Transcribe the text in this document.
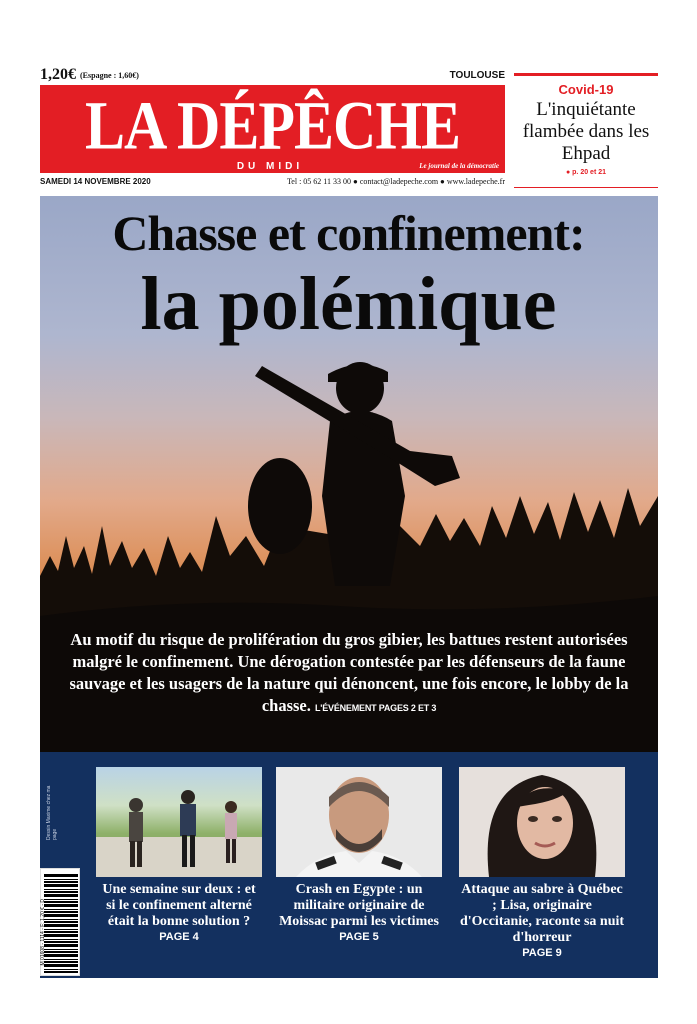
1,20€ (Espagne : 1,60€)	TOULOUSE
LA DÉPÊCHE
DU MIDI	Le journal de la démocratie
SAMEDI 14 NOVEMBRE 2020	Tel : 05 62 11 33 00 ● contact@ladepeche.com ● www.ladepeche.fr
Covid-19
L'inquiétante flambée dans les Ehpad
● p. 20 et 21
Chasse et confinement:
la polémique
Au motif du risque de prolifération du gros gibier, les battues restent autorisées malgré le confinement. Une dérogation contestée par les défenseurs de la faune sauvage et les usagers de la nature qui dénoncent, une fois encore, le lobby de la chasse. L'ÉVÉNEMENT PAGES 2 ET 3
Dessin Maxime chez ma page
Une semaine sur deux : et si le confinement alterné était la bonne solution ?
PAGE 4
Crash en Egypte : un militaire originaire de Moissac parmi les victimes
PAGE 5
Attaque au sabre à Québec ; Lisa, originaire d'Occitanie, raconte sa nuit d'horreur
PAGE 9
M 01608 - 1114 - F: 1,20 € - D
